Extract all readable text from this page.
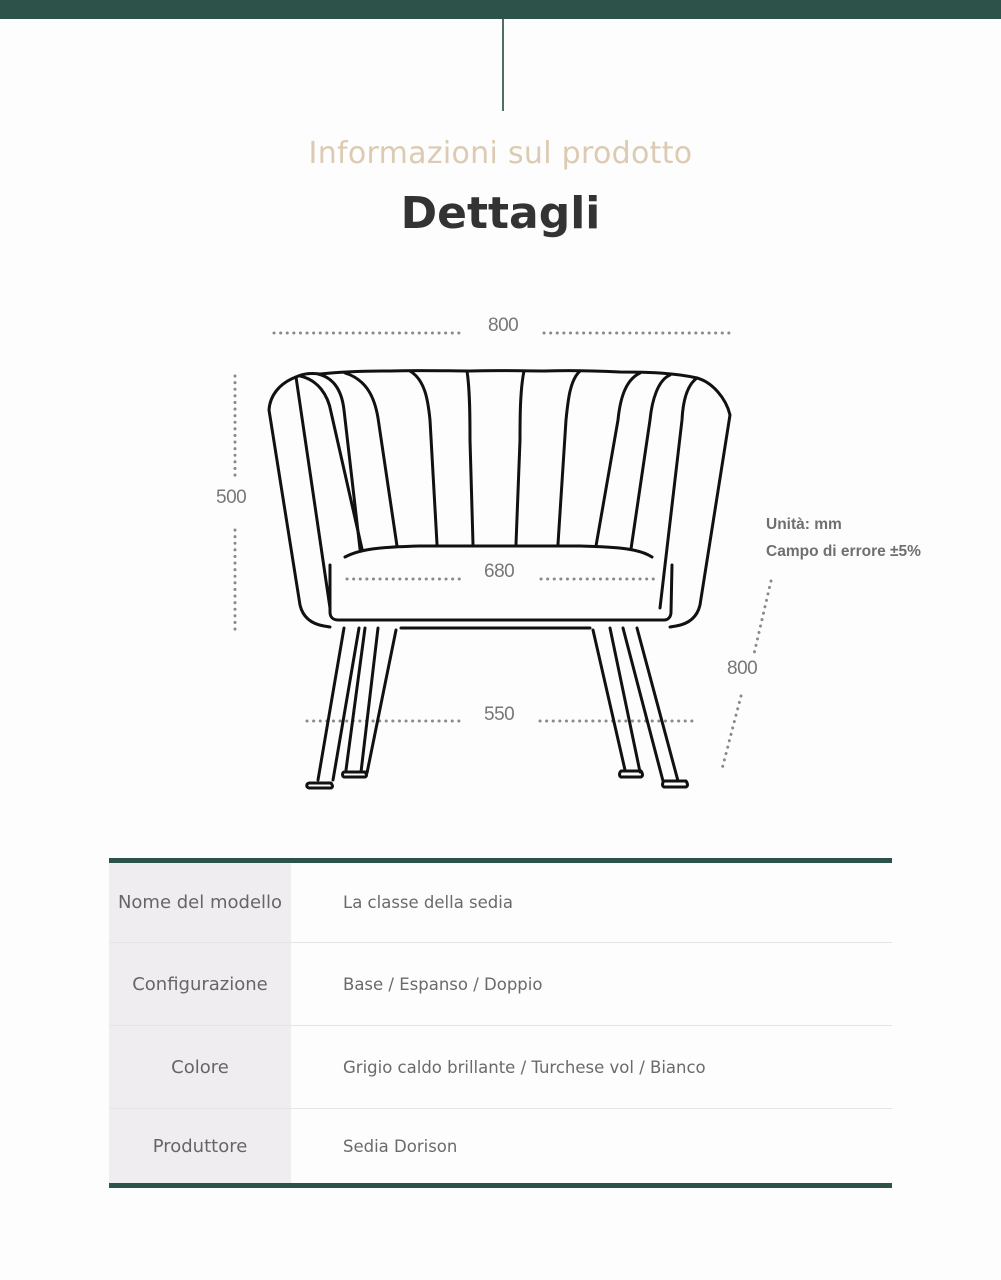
Informazioni sul prodotto
Dettagli
800
500
680
550
800
Unità: mm
Campo di errore ±5%
Nome del modello	La classe della sedia
Configurazione	Base / Espanso / Doppio
Colore	Grigio caldo brillante / Turchese vol / Bianco
Produttore	Sedia Dorison
